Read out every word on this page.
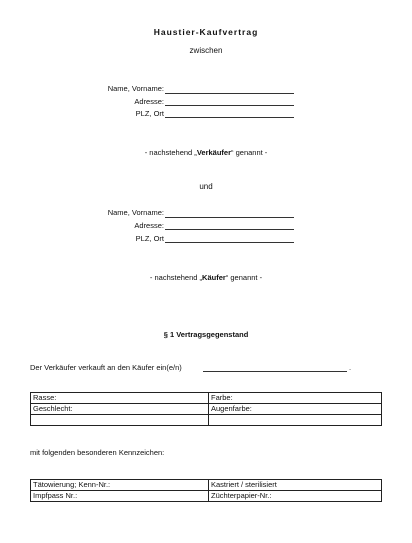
Haustier-Kaufvertrag
zwischen
Name, Vorname:
Adresse:
PLZ, Ort
- nachstehend „Verkäufer“ genannt -
und
Name, Vorname:
Adresse:
PLZ, Ort
- nachstehend „Käufer“ genannt -
§ 1 Vertragsgegenstand
Der Verkäufer verkauft an den Käufer ein(e/n)	.
Rasse:	Farbe:
Geschlecht:	Augenfarbe:

mit folgenden besonderen Kennzeichen:
Tätowierung; Kenn-Nr.:	Kastriert / sterilisiert
Impfpass Nr.:	Züchterpapier-Nr.:
